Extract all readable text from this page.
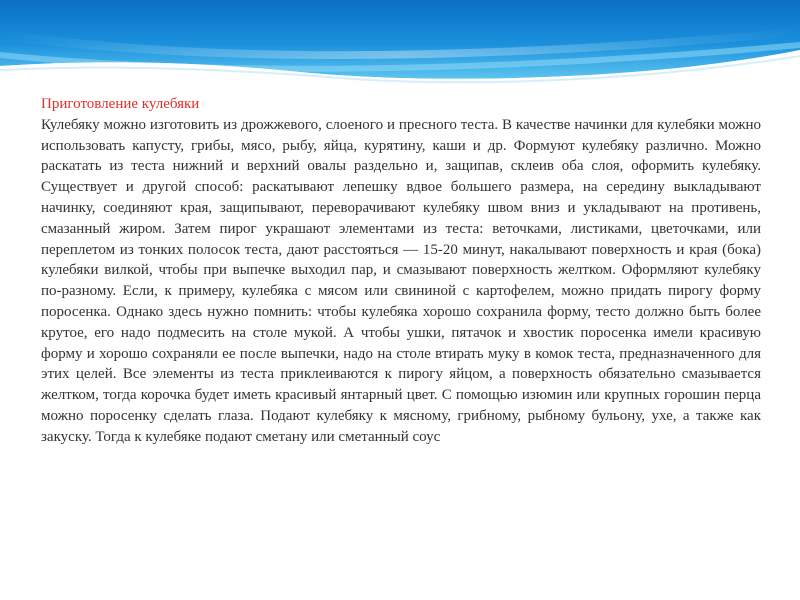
Приготовление кулебяки

Кулебяку можно изготовить из дрожжевого, слоеного и пресного теста. В качестве начинки для кулебяки можно использовать капусту, грибы, мясо, рыбу, яйца, курятину, каши и др. Формуют кулебяку различно. Можно раскатать из теста нижний и верхний овалы раздельно и, защипав, склеив оба слоя, оформить кулебяку. Существует и другой способ: раскатывают лепешку вдвое большего размера, на середину выкладывают начинку, соединяют края, защипывают, переворачивают кулебяку швом вниз и укладывают на противень, смазанный жиром. Затем пирог украшают элементами из теста: веточками, листиками, цветочками, или переплетом из тонких полосок теста, дают расстояться — 15-20 минут, накалывают поверхность и края (бока) кулебяки вилкой, чтобы при выпечке выходил пар, и смазывают поверхность желтком. Оформляют кулебяку по-разному. Если, к примеру, кулебяка с мясом или свининой с картофелем, можно придать пирогу форму поросенка. Однако здесь нужно помнить: чтобы кулебяка хорошо сохранила форму, тесто должно быть более крутое, его надо подмесить на столе мукой. А чтобы ушки, пятачок и хвостик поросенка имели красивую форму и хорошо сохраняли ее после выпечки, надо на столе втирать муку в комок теста, предназначенного для этих целей. Все элементы из теста приклеиваются к пирогу яйцом, а поверхность обязательно смазывается желтком, тогда корочка будет иметь красивый янтарный цвет. С помощью изюмин или крупных горошин перца можно поросенку сделать глаза. Подают кулебяку к мясному, грибному, рыбному бульону, ухе, а также как закуску. Тогда к кулебяке подают сметану или сметанный соус
